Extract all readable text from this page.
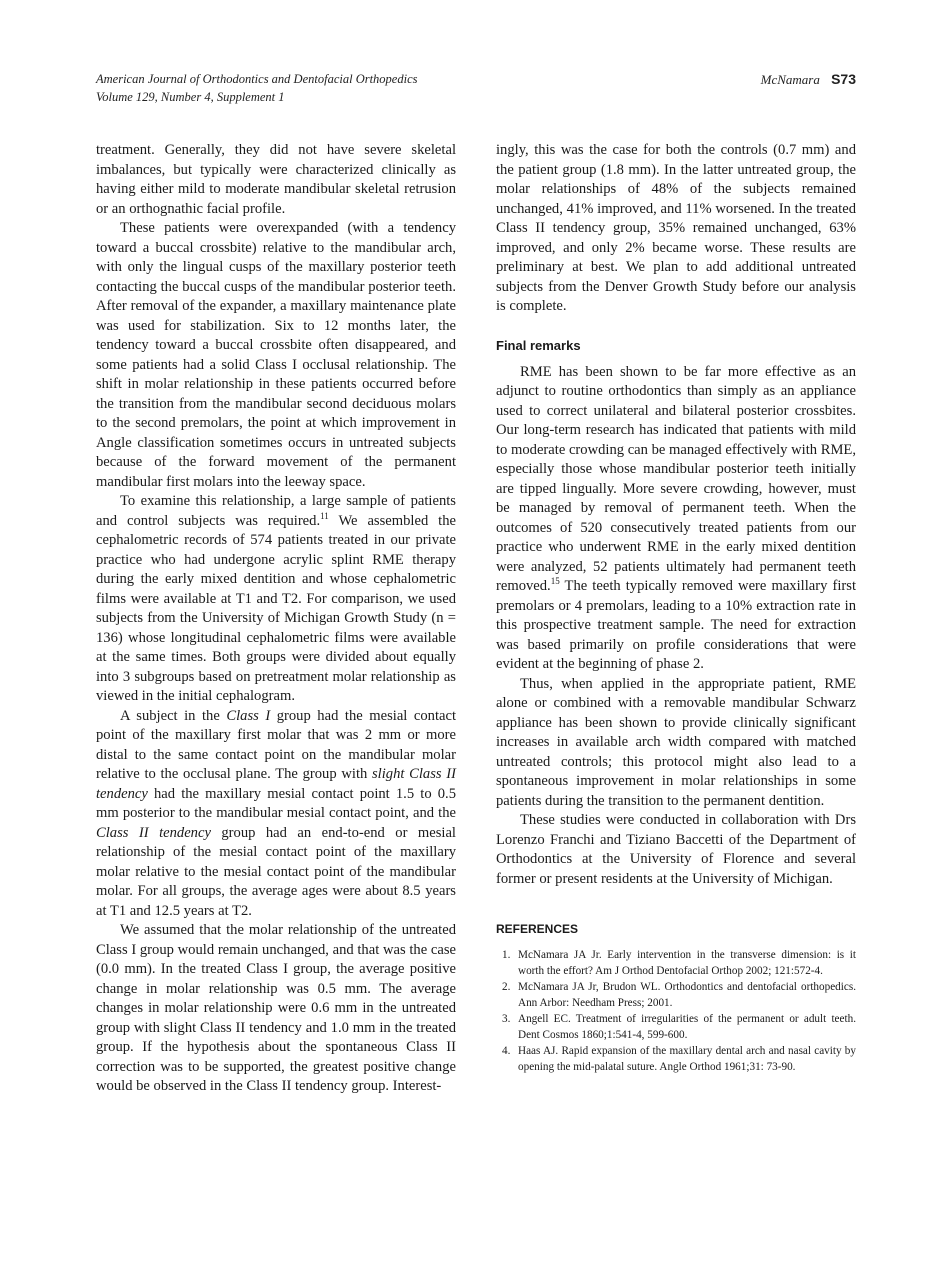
American Journal of Orthodontics and Dentofacial Orthopedics
Volume 129, Number 4, Supplement 1
McNamara S73

treatment. Generally, they did not have severe skeletal imbalances, but typically were characterized clinically as having either mild to moderate mandibular skeletal retrusion or an orthognathic facial profile.

These patients were overexpanded (with a tendency toward a buccal crossbite) relative to the mandibular arch, with only the lingual cusps of the maxillary posterior teeth contacting the buccal cusps of the mandibular posterior teeth. After removal of the expander, a maxillary maintenance plate was used for stabilization. Six to 12 months later, the tendency toward a buccal crossbite often disappeared, and some patients had a solid Class I occlusal relationship. The shift in molar relationship in these patients occurred before the transition from the mandibular second deciduous molars to the second premolars, the point at which improvement in Angle classification sometimes occurs in untreated subjects because of the forward movement of the permanent mandibular first molars into the leeway space.

To examine this relationship, a large sample of patients and control subjects was required.$^{11}$ We assembled the cephalometric records of 574 patients treated in our private practice who had undergone acrylic splint RME therapy during the early mixed dentition and whose cephalometric films were available at T1 and T2. For comparison, we used subjects from the University of Michigan Growth Study (n = 136) whose longitudinal cephalometric films were available at the same times. Both groups were divided about equally into 3 subgroups based on pretreatment molar relationship as viewed in the initial cephalogram.

A subject in the Class I group had the mesial contact point of the maxillary first molar that was 2 mm or more distal to the same contact point on the mandibular molar relative to the occlusal plane. The group with slight Class II tendency had the maxillary mesial contact point 1.5 to 0.5 mm posterior to the mandibular mesial contact point, and the Class II tendency group had an end-to-end or mesial relationship of the mesial contact point of the maxillary molar relative to the mesial contact point of the mandibular molar. For all groups, the average ages were about 8.5 years at T1 and 12.5 years at T2.

We assumed that the molar relationship of the untreated Class I group would remain unchanged, and that was the case (0.0 mm). In the treated Class I group, the average positive change in molar relationship was 0.5 mm. The average changes in molar relationship were 0.6 mm in the untreated group with slight Class II tendency and 1.0 mm in the treated group. If the hypothesis about the spontaneous Class II correction was to be supported, the greatest positive change would be observed in the Class II tendency group. Interest-

ingly, this was the case for both the controls (0.7 mm) and the patient group (1.8 mm). In the latter untreated group, the molar relationships of 48% of the subjects remained unchanged, 41% improved, and 11% worsened. In the treated Class II tendency group, 35% remained unchanged, 63% improved, and only 2% became worse. These results are preliminary at best. We plan to add additional untreated subjects from the Denver Growth Study before our analysis is complete.

Final remarks

RME has been shown to be far more effective as an adjunct to routine orthodontics than simply as an appliance used to correct unilateral and bilateral posterior crossbites. Our long-term research has indicated that patients with mild to moderate crowding can be managed effectively with RME, especially those whose mandibular posterior teeth initially are tipped lingually. More severe crowding, however, must be managed by removal of permanent teeth. When the outcomes of 520 consecutively treated patients from our practice who underwent RME in the early mixed dentition were analyzed, 52 patients ultimately had permanent teeth removed.$^{15}$ The teeth typically removed were maxillary first premolars or 4 premolars, leading to a 10% extraction rate in this prospective treatment sample. The need for extraction was based primarily on profile considerations that were evident at the beginning of phase 2.

Thus, when applied in the appropriate patient, RME alone or combined with a removable mandibular Schwarz appliance has been shown to provide clinically significant increases in available arch width compared with matched untreated controls; this protocol might also lead to a spontaneous improvement in molar relationships in some patients during the transition to the permanent dentition.

These studies were conducted in collaboration with Drs Lorenzo Franchi and Tiziano Baccetti of the Department of Orthodontics at the University of Florence and several former or present residents at the University of Michigan.

REFERENCES
1. McNamara JA Jr. Early intervention in the transverse dimension: is it worth the effort? Am J Orthod Dentofacial Orthop 2002; 121:572-4.
2. McNamara JA Jr, Brudon WL. Orthodontics and dentofacial orthopedics. Ann Arbor: Needham Press; 2001.
3. Angell EC. Treatment of irregularities of the permanent or adult teeth. Dent Cosmos 1860;1:541-4, 599-600.
4. Haas AJ. Rapid expansion of the maxillary dental arch and nasal cavity by opening the mid-palatal suture. Angle Orthod 1961;31: 73-90.
